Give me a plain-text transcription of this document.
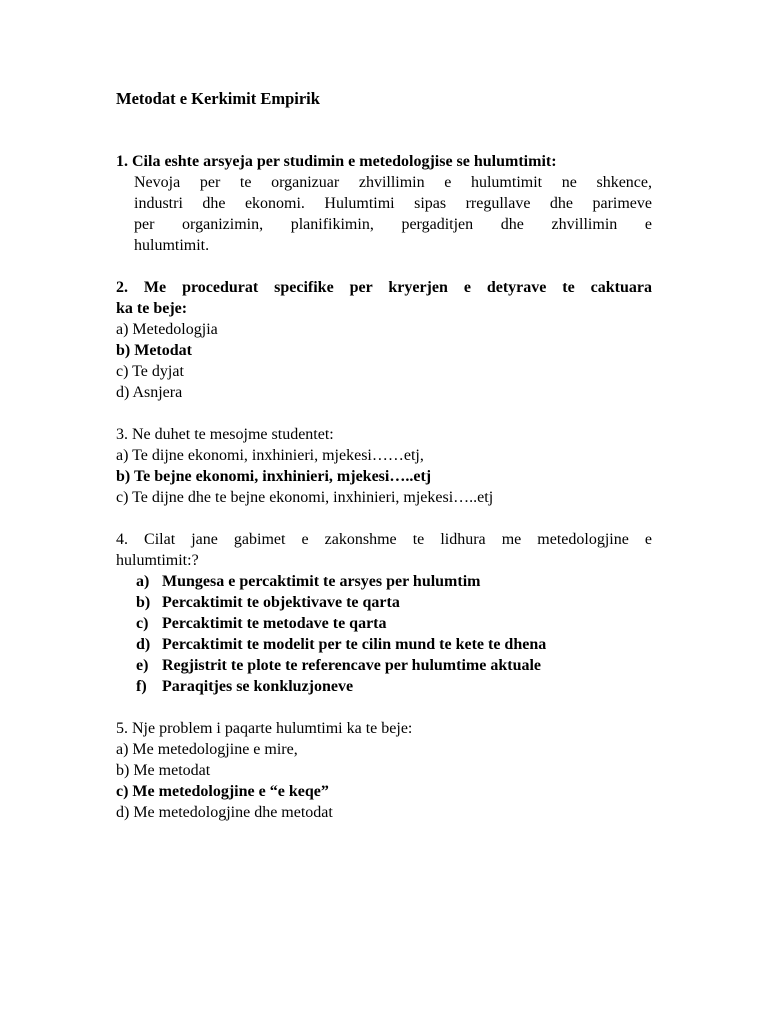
Metodat e Kerkimit Empirik
1. Cila eshte arsyeja per studimin e metedologjise se hulumtimit:
Nevoja per te organizuar zhvillimin e hulumtimit ne shkence,
industri dhe ekonomi. Hulumtimi sipas rregullave dhe parimeve
per organizimin, planifikimin, pergaditjen dhe zhvillimin e
hulumtimit.
2. Me procedurat specifike per kryerjen e detyrave te caktuara
ka te beje:
a) Metedologjia
b) Metodat
c) Te dyjat
d) Asnjera
3. Ne duhet te mesojme studentet:
a) Te dijne ekonomi, inxhinieri, mjekesi……etj,
b) Te bejne ekonomi, inxhinieri, mjekesi…..etj
c) Te dijne dhe te bejne ekonomi, inxhinieri, mjekesi…..etj
4. Cilat jane gabimet e zakonshme te lidhura me metedologjine e
hulumtimit:?
a) Mungesa e percaktimit te arsyes per hulumtim
b) Percaktimit te objektivave te qarta
c) Percaktimit te metodave te qarta
d) Percaktimit te modelit per te cilin mund te kete te dhena
e) Regjistrit te plote te referencave per hulumtime aktuale
f) Paraqitjes se konkluzjoneve
5. Nje problem i paqarte hulumtimi ka te beje:
a) Me metedologjine e mire,
b) Me metodat
c) Me metedologjine e “e keqe”
d) Me metedologjine dhe metodat
